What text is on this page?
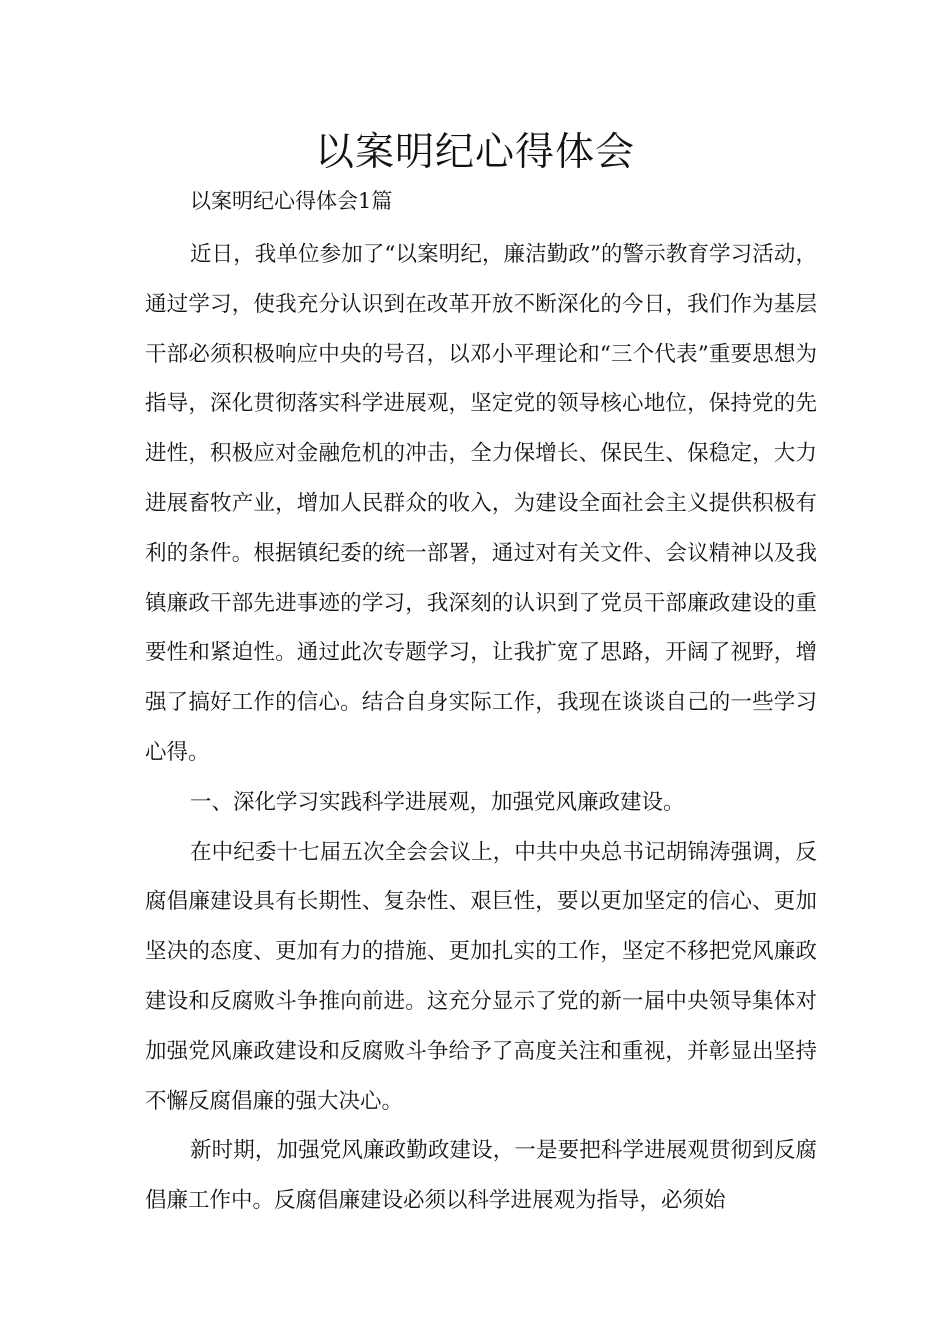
以案明纪心得体会

以案明纪心得体会1篇

近日，我单位参加了“以案明纪，廉洁勤政”的警示教育学习活动，通过学习，使我充分认识到在改革开放不断深化的今日，我们作为基层干部必须积极响应中央的号召，以邓小平理论和“三个代表”重要思想为指导，深化贯彻落实科学进展观，坚定党的领导核心地位，保持党的先进性，积极应对金融危机的冲击，全力保增长、保民生、保稳定，大力进展畜牧产业，增加人民群众的收入，为建设全面社会主义提供积极有利的条件。根据镇纪委的统一部署，通过对有关文件、会议精神以及我镇廉政干部先进事迹的学习，我深刻的认识到了党员干部廉政建设的重要性和紧迫性。通过此次专题学习，让我扩宽了思路，开阔了视野，增强了搞好工作的信心。结合自身实际工作，我现在谈谈自己的一些学习心得。

一、深化学习实践科学进展观，加强党风廉政建设。

在中纪委十七届五次全会会议上，中共中央总书记胡锦涛强调，反腐倡廉建设具有长期性、复杂性、艰巨性，要以更加坚定的信心、更加坚决的态度、更加有力的措施、更加扎实的工作，坚定不移把党风廉政建设和反腐败斗争推向前进。这充分显示了党的新一届中央领导集体对加强党风廉政建设和反腐败斗争给予了高度关注和重视，并彰显出坚持不懈反腐倡廉的强大决心。

新时期，加强党风廉政勤政建设，一是要把科学进展观贯彻到反腐倡廉工作中。反腐倡廉建设必须以科学进展观为指导，必须始
